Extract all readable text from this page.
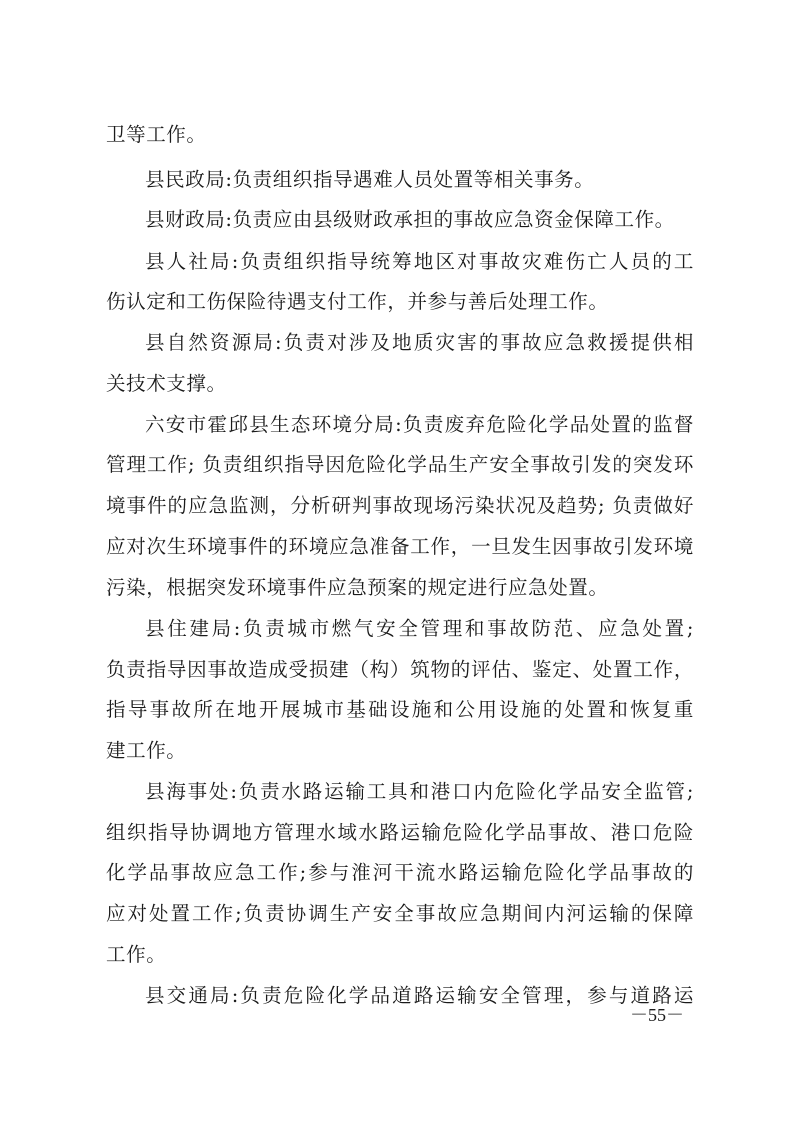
卫等工作。
县民政局:负责组织指导遇难人员处置等相关事务。
县财政局:负责应由县级财政承担的事故应急资金保障工作。
县人社局:负责组织指导统筹地区对事故灾难伤亡人员的工
伤认定和工伤保险待遇支付工作，并参与善后处理工作。
县自然资源局:负责对涉及地质灾害的事故应急救援提供相
关技术支撑。
六安市霍邱县生态环境分局:负责废弃危险化学品处置的监督
管理工作; 负责组织指导因危险化学品生产安全事故引发的突发环
境事件的应急监测，分析研判事故现场污染状况及趋势; 负责做好
应对次生环境事件的环境应急准备工作，一旦发生因事故引发环境
污染，根据突发环境事件应急预案的规定进行应急处置。
县住建局:负责城市燃气安全管理和事故防范、应急处置;
负责指导因事故造成受损建（构）筑物的评估、鉴定、处置工作，
指导事故所在地开展城市基础设施和公用设施的处置和恢复重
建工作。
县海事处:负责水路运输工具和港口内危险化学品安全监管;
组织指导协调地方管理水域水路运输危险化学品事故、港口危险
化学品事故应急工作;参与淮河干流水路运输危险化学品事故的
应对处置工作;负责协调生产安全事故应急期间内河运输的保障
工作。
县交通局:负责危险化学品道路运输安全管理，参与道路运
－55－
